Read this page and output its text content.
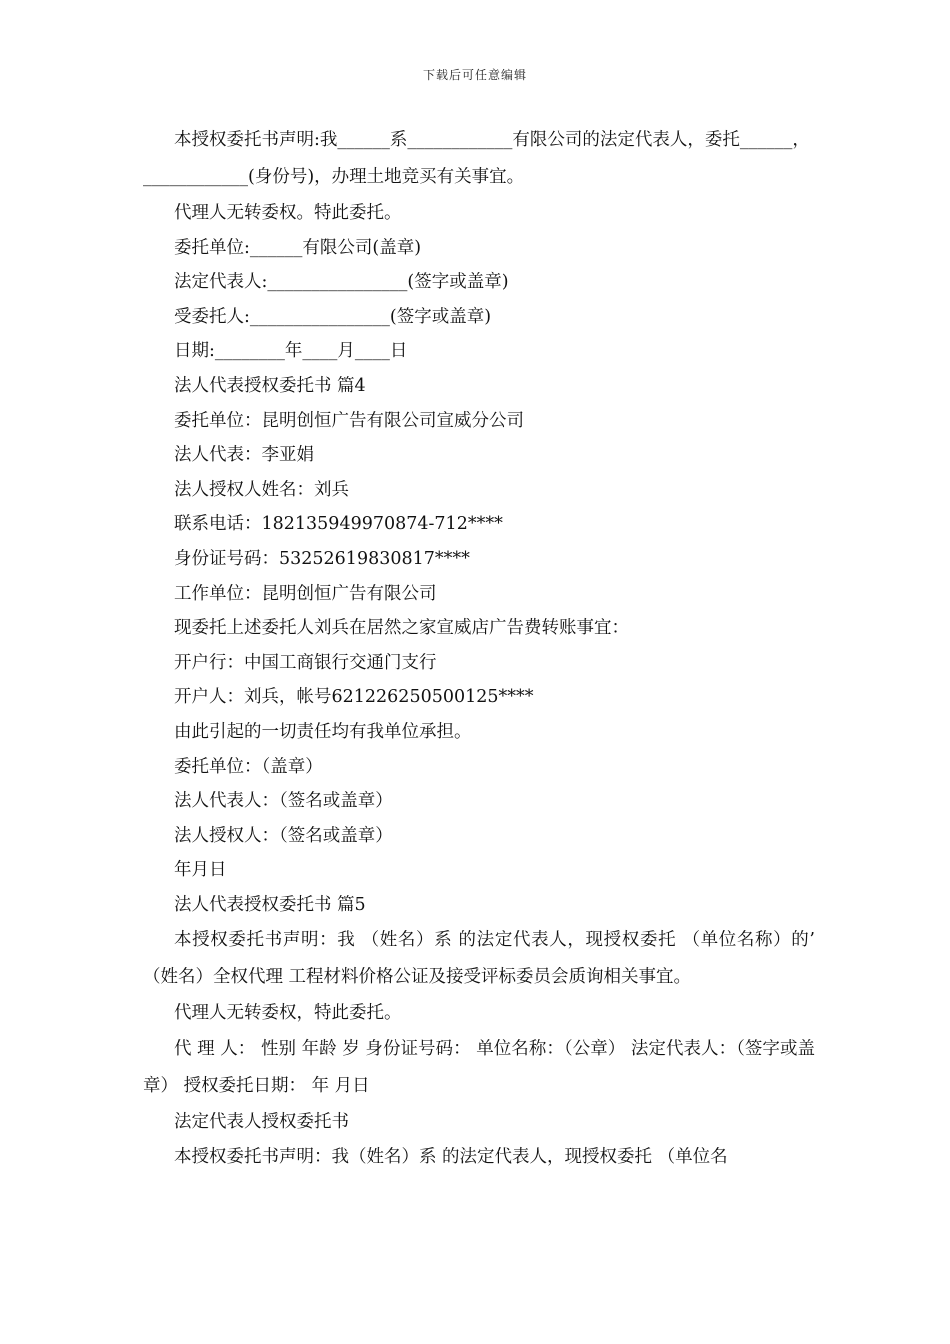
下载后可任意编辑

本授权委托书声明:我______系____________有限公司的法定代表人，委托______，____________(身份号)，办理土地竞买有关事宜。

代理人无转委权。特此委托。

委托单位:______有限公司(盖章)

法定代表人:________________(签字或盖章)

受委托人:________________(签字或盖章)

日期:________年____月____日

法人代表授权委托书 篇4

委托单位：昆明创恒广告有限公司宣威分公司

法人代表：李亚娟

法人授权人姓名：刘兵

联系电话：182135949970874-712****

身份证号码：53252619830817****

工作单位：昆明创恒广告有限公司

现委托上述委托人刘兵在居然之家宣威店广告费转账事宜：

开户行：中国工商银行交通门支行

开户人：刘兵，帐号621226250500125****

由此引起的一切责任均有我单位承担。

委托单位：（盖章）

法人代表人：（签名或盖章）

法人授权人：（签名或盖章）

年月日

法人代表授权委托书 篇5

本授权委托书声明：我 （姓名）系 的法定代表人，现授权委托 （单位名称）的’ （姓名）全权代理 工程材料价格公证及接受评标委员会质询相关事宜。

代理人无转委权，特此委托。

代 理 人： 性别 年龄 岁 身份证号码： 单位名称：（公章） 法定代表人：（签字或盖章） 授权委托日期： 年 月日

法定代表人授权委托书

本授权委托书声明：我（姓名）系 的法定代表人，现授权委托 （单位名
